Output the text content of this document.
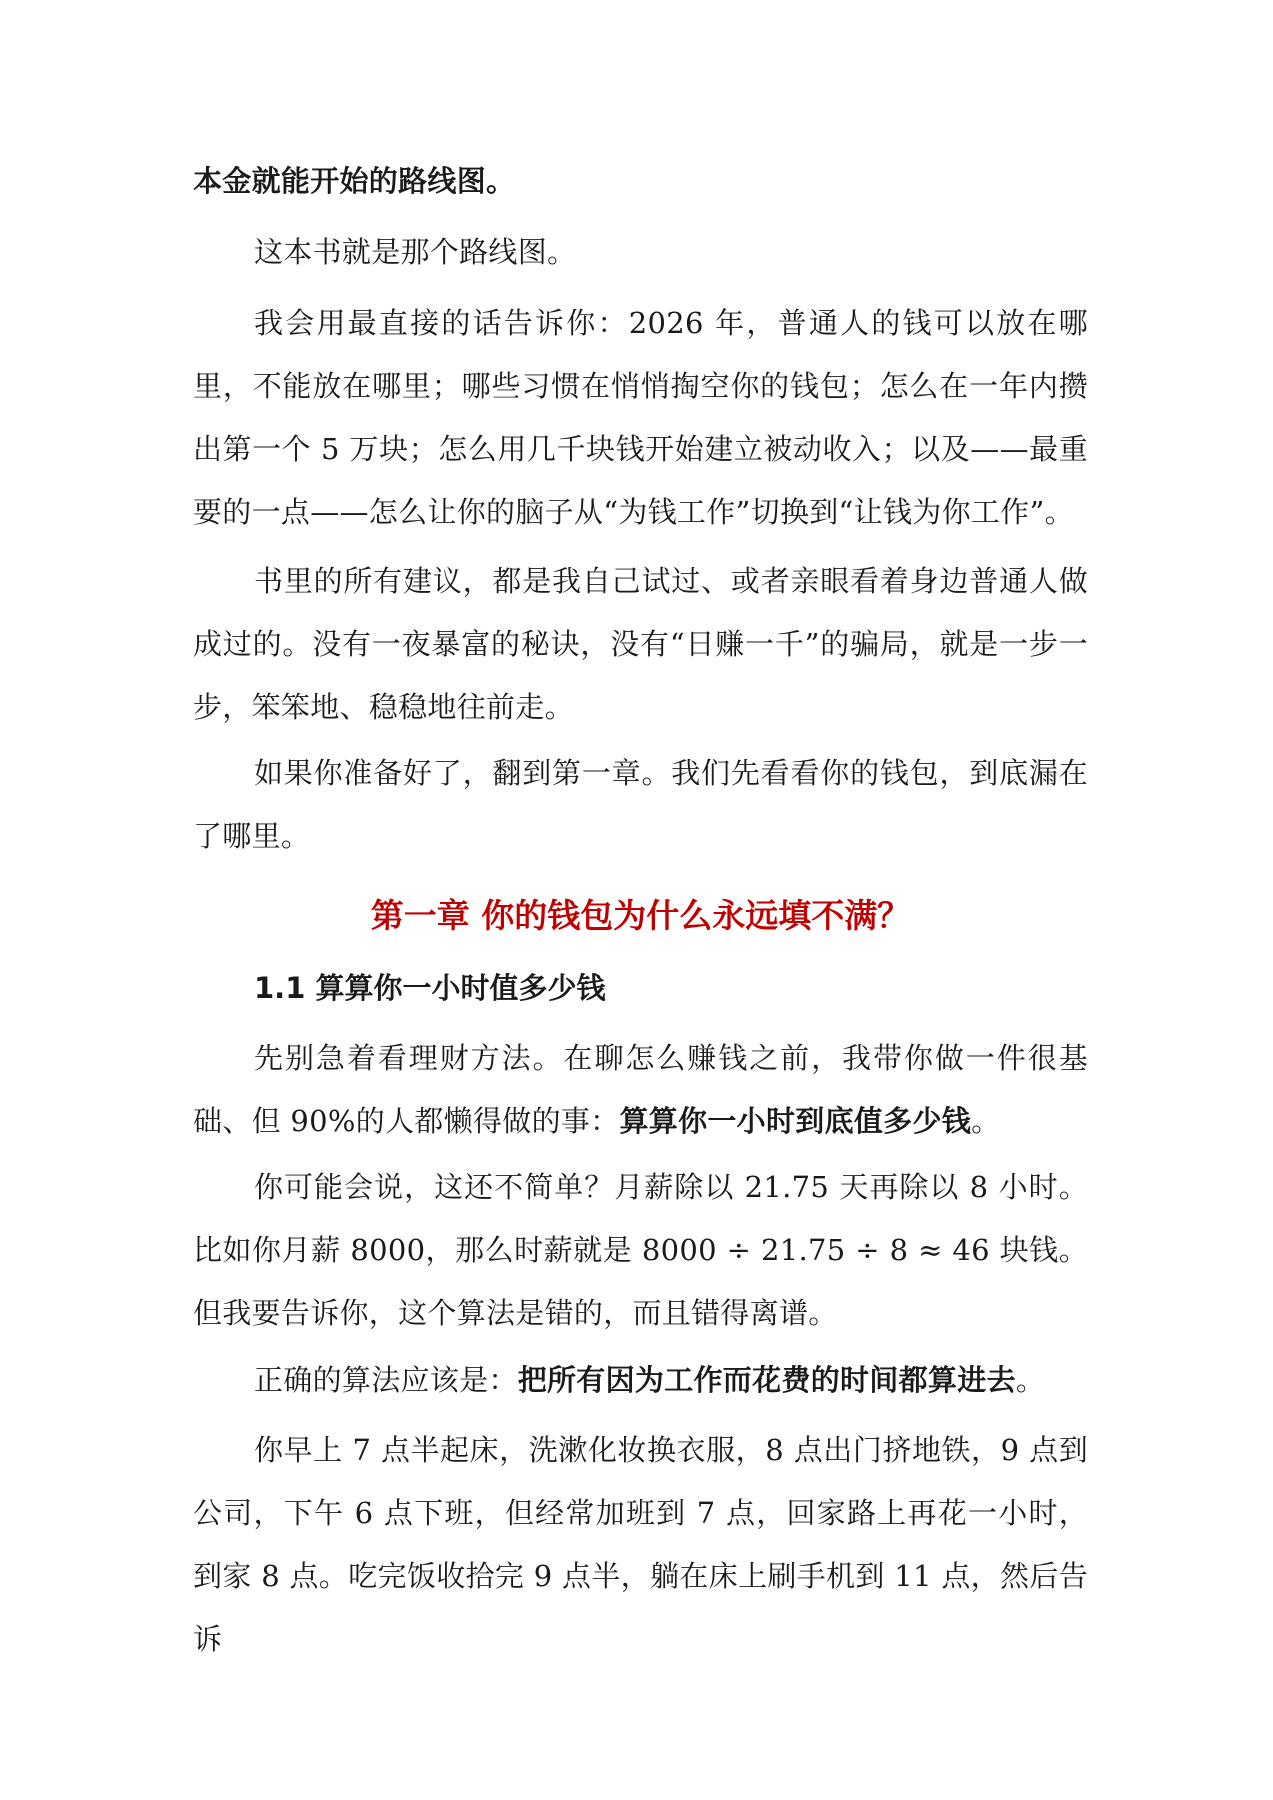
本金就能开始的路线图。

这本书就是那个路线图。

我会用最直接的话告诉你：2026 年，普通人的钱可以放在哪里，不能放在哪里；哪些习惯在悄悄掏空你的钱包；怎么在一年内攒出第一个 5 万块；怎么用几千块钱开始建立被动收入；以及——最重要的一点——怎么让你的脑子从“为钱工作”切换到“让钱为你工作”。

书里的所有建议，都是我自己试过、或者亲眼看着身边普通人做成过的。没有一夜暴富的秘诀，没有“日赚一千”的骗局，就是一步一步，笨笨地、稳稳地往前走。

如果你准备好了，翻到第一章。我们先看看你的钱包，到底漏在了哪里。

第一章 你的钱包为什么永远填不满？
1.1 算算你一小时值多少钱

先别急着看理财方法。在聊怎么赚钱之前，我带你做一件很基础、但 90%的人都懒得做的事：算算你一小时到底值多少钱。

你可能会说，这还不简单？月薪除以 21.75 天再除以 8 小时。比如你月薪 8000，那么时薪就是 8000 ÷ 21.75 ÷ 8 ≈ 46 块钱。但我要告诉你，这个算法是错的，而且错得离谱。

正确的算法应该是：把所有因为工作而花费的时间都算进去。

你早上 7 点半起床，洗漱化妆换衣服，8 点出门挤地铁，9 点到公司，下午 6 点下班，但经常加班到 7 点，回家路上再花一小时，到家 8 点。吃完饭收拾完 9 点半，躺在床上刷手机到 11 点，然后告诉
